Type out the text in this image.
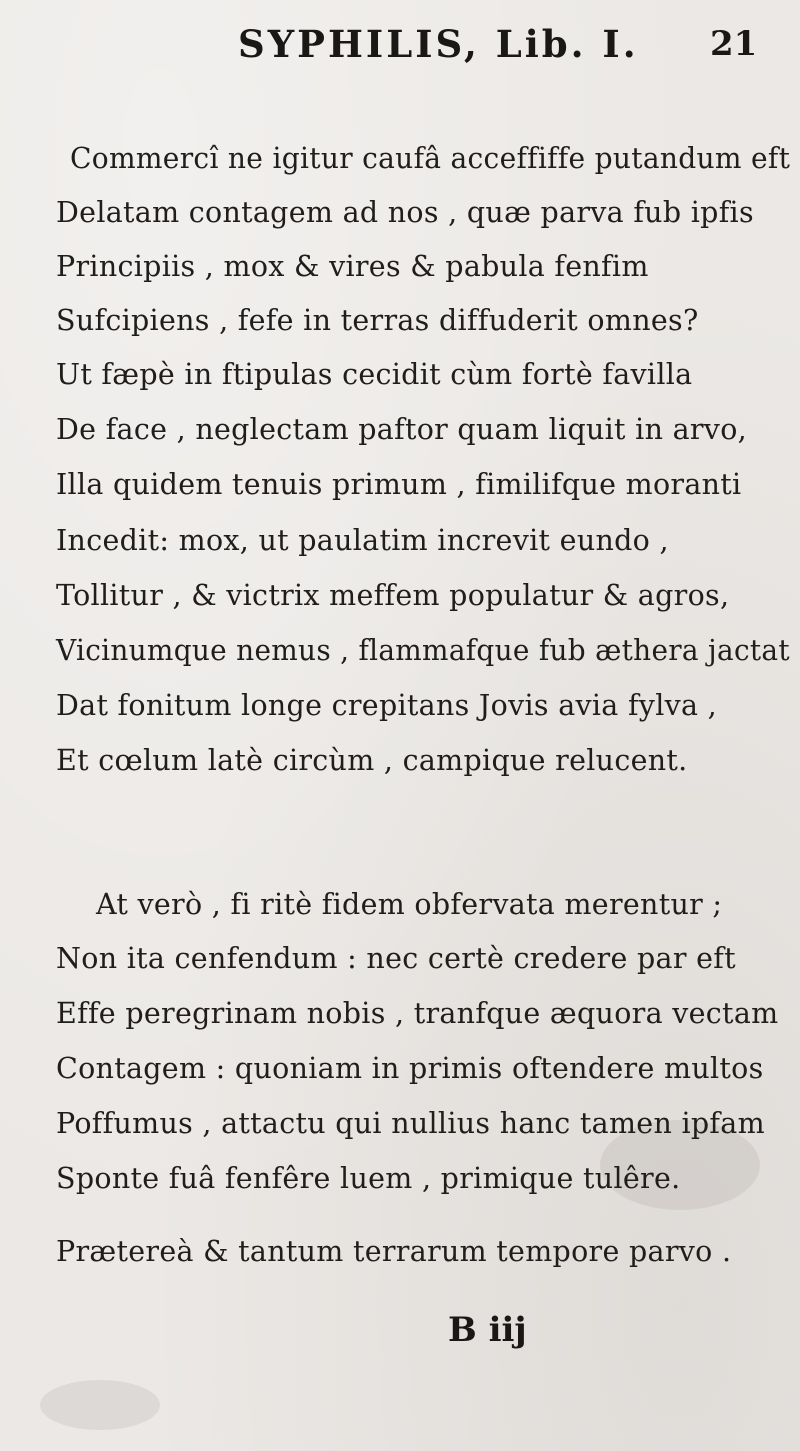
SYPHILIS, Lib. I. 21
Commercî ne igitur caufâ acceffiffe putandum eft
Delatam contagem ad nos , quæ parva fub ipfis
Principiis , mox & vires & pabula fenfim
Sufcipiens , fefe in terras diffuderit omnes?
Ut fæpè in ftipulas cecidit cùm fortè favilla
De face , neglectam paftor quam liquit in arvo,
Illa quidem tenuis primum , fimilifque moranti
Incedit: mox, ut paulatim increvit eundo ,
Tollitur , & victrix meffem populatur & agros,
Vicinumque nemus , flammafque fub æthera jactat
Dat fonitum longe crepitans Jovis avia fylva ,
Et cœlum latè circùm , campique relucent.
At verò , fi ritè fidem obfervata merentur ;
Non ita cenfendum : nec certè credere par eft
Effe peregrinam nobis , tranfque æquora vectam
Contagem : quoniam in primis oftendere multos
Poffumus , attactu qui nullius hanc tamen ipfam
Sponte fuâ fenfêre luem , primique tulêre.
Prætereà & tantum terrarum tempore parvo .
B iij
